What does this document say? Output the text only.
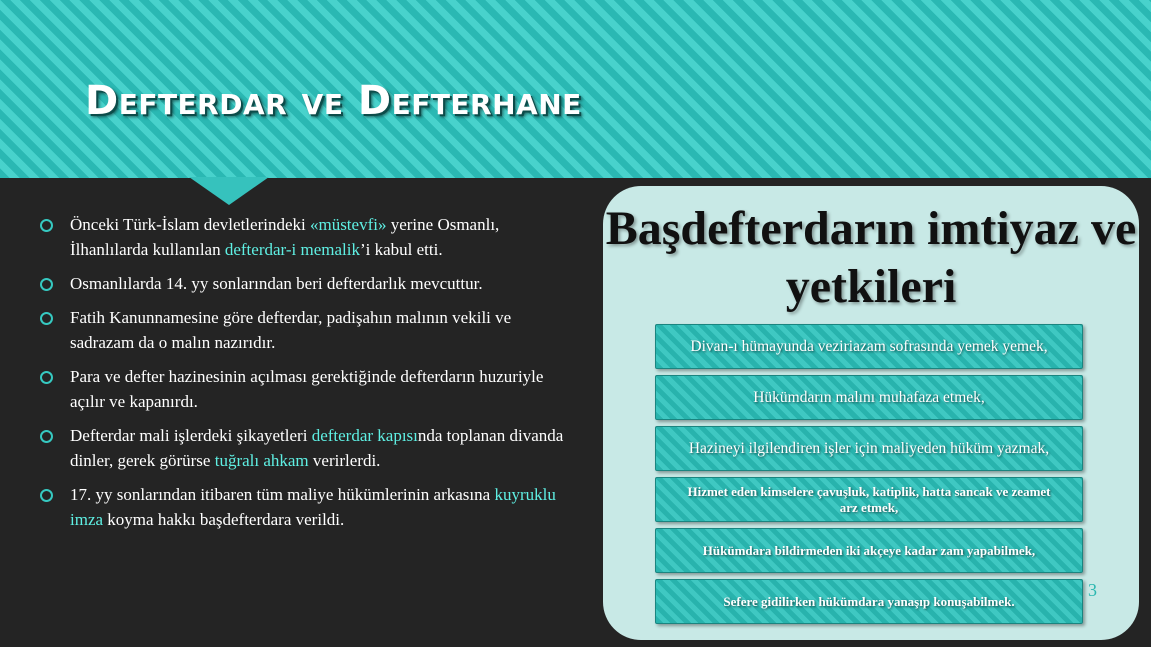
Defterdar ve Defterhane
Önceki Türk-İslam devletlerindeki «müstevfi» yerine Osmanlı, İlhanlılarda kullanılan defterdar-i memalik’i kabul etti.
Osmanlılarda 14. yy sonlarından beri defterdarlık mevcuttur.
Fatih Kanunnamesine göre defterdar, padişahın malının vekili ve sadrazam da o malın nazırıdır.
Para ve defter hazinesinin açılması gerektiğinde defterdarın huzuriyle açılır ve kapanırdı.
Defterdar mali işlerdeki şikayetleri defterdar kapısında toplanan divanda dinler, gerek görürse tuğralı ahkam verirlerdi.
17. yy sonlarından itibaren tüm maliye hükümlerinin arkasına kuyruklu imza koyma hakkı başdefterdara verildi.
Başdefterdarın imtiyaz ve yetkileri
Divan-ı hümayunda veziriazam sofrasında yemek yemek,
Hükümdarın malını muhafaza etmek,
Hazineyi ilgilendiren işler için maliyeden hüküm yazmak,
Hizmet eden kimselere çavuşluk, katiplik, hatta sancak ve zeamet arz etmek,
Hükümdara bildirmeden iki akçeye kadar zam yapabilmek,
Sefere gidilirken hükümdara yanaşıp konuşabilmek.
3
